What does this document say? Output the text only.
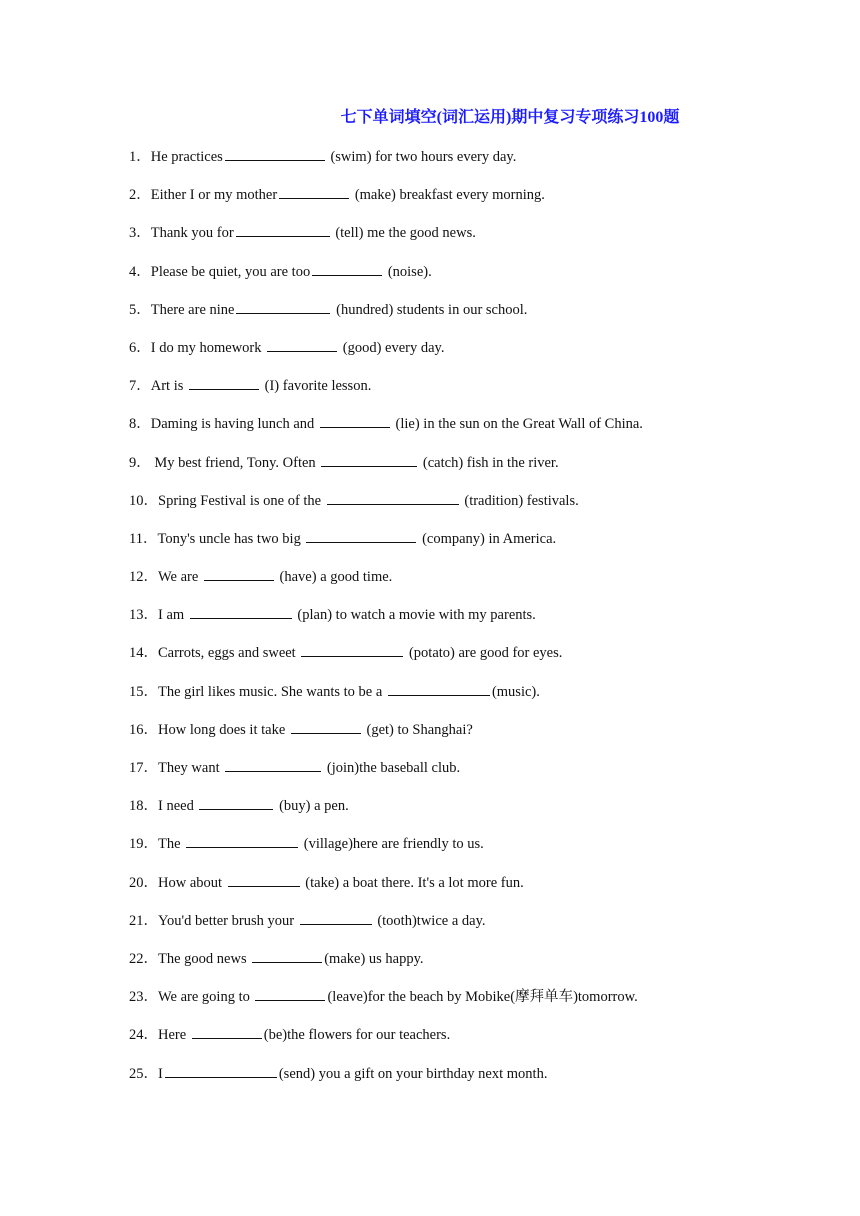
七下单词填空(词汇运用)期中复习专项练习100题
1．He practices	(swim) for two hours every day.
2．Either I or my mother	(make) breakfast every morning.
3．Thank you for	(tell) me the good news.
4．Please be quiet, you are too	(noise).
5．There are nine	(hundred) students in our school.
6．I do my homework	(good) every day.
7．Art is	(I) favorite lesson.
8．Daming is having lunch and	(lie) in the sun on the Great Wall of China.
9． My best friend, Tony. Often	(catch) fish in the river.
10．Spring Festival is one of the	(tradition) festivals.
11．Tony's uncle has two big	(company) in America.
12．We are	(have) a good time.
13．I am	(plan) to watch a movie with my parents.
14．Carrots, eggs and sweet	(potato) are good for eyes.
15．The girl likes music. She wants to be a	(music).
16．How long does it take	(get) to Shanghai?
17．They want	(join)the baseball club.
18．I need	(buy) a pen.
19．The	(village)here are friendly to us.
20．How about	(take) a boat there. It's a lot more fun.
21．You'd better brush your	(tooth)twice a day.
22．The good news	(make) us happy.
23．We are going to	(leave)for the beach by Mobike(摩拜单车)tomorrow.
24．Here	(be)the flowers for our teachers.
25．I	(send) you a gift on your birthday next month.
